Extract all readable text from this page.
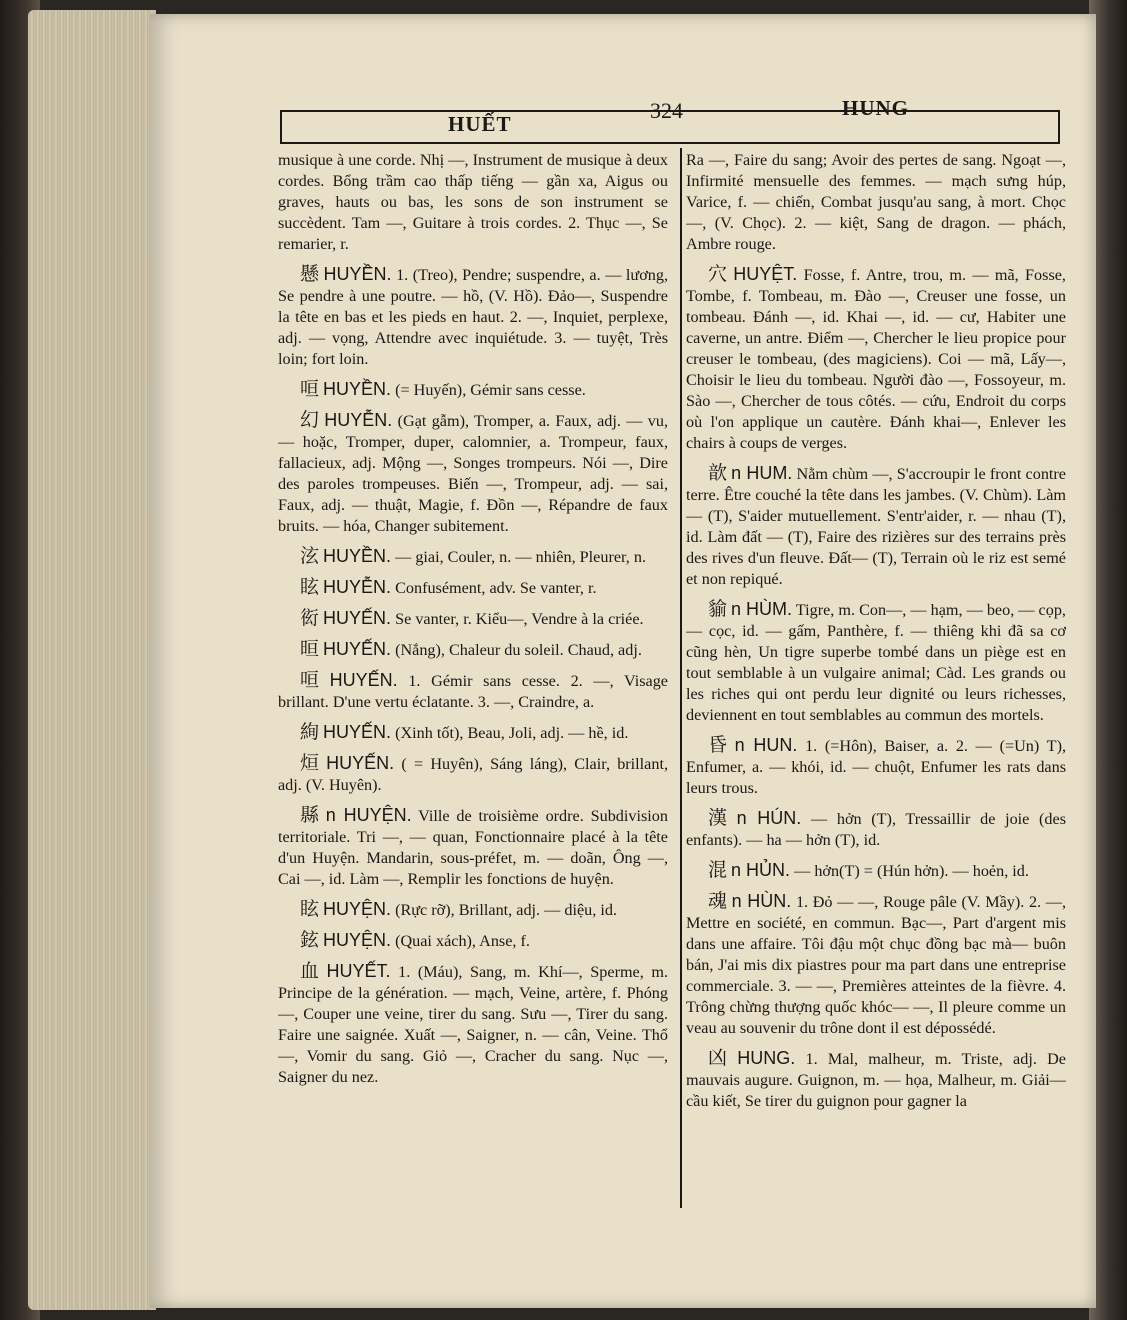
HUẾT
324	HUNG

musique à une corde. Nhị —, Instrument de musique à deux cordes. Bổng trầm cao thấp tiếng — gần xa, Aigus ou graves, hauts ou bas, les sons de son instrument se succèdent. Tam —, Guitare à trois cordes. 2. Thục —, Se remarier, r.

懸 HUYỀN. 1. (Treo), Pendre; suspendre, a. — lương, Se pendre à une poutre. — hồ, (V. Hồ). Đảo—, Suspendre la tête en bas et les pieds en haut. 2. —, Inquiet, perplexe, adj. — vọng, Attendre avec inquiétude. 3. — tuyệt, Très loin; fort loin.

咺 HUYỀN. (= Huyến), Gémir sans cesse.

幻 HUYỄN. (Gạt gẫm), Tromper, a. Faux, adj. — vu, — hoặc, Tromper, duper, calomnier, a. Trompeur, faux, fallacieux, adj. Mộng —, Songes trompeurs. Nói —, Dire des paroles trompeuses. Biến —, Trompeur, adj. — sai, Faux, adj. — thuật, Magie, f. Đồn —, Répandre de faux bruits. — hóa, Changer subitement.

泫 HUYỀN. — giai, Couler, n. — nhiên, Pleurer, n.

眩 HUYỄN. Confusément, adv. Se vanter, r.

衒 HUYẾN. Se vanter, r. Kiểu—, Vendre à la criée.

晅 HUYẾN. (Nắng), Chaleur du soleil. Chaud, adj.

咺 HUYẾN. 1. Gémir sans cesse. 2. —, Visage brillant. D'une vertu éclatante. 3. —, Craindre, a.

絢 HUYẾN. (Xinh tốt), Beau, Joli, adj. — hề, id.

烜 HUYẾN. ( = Huyên), Sáng láng), Clair, brillant, adj. (V. Huyên).

縣 n HUYỆN. Ville de troisième ordre. Subdivision territoriale. Tri —, — quan, Fonctionnaire placé à la tête d'un Huyện. Mandarin, sous-préfet, m. — doãn, Ông —, Cai —, id. Làm —, Remplir les fonctions de huyện.

眩 HUYỆN. (Rực rỡ), Brillant, adj. — diệu, id.

鉉 HUYỆN. (Quai xách), Anse, f.

血 HUYẾT. 1. (Máu), Sang, m. Khí—, Sperme, m. Principe de la génération. — mạch, Veine, artère, f. Phóng —, Couper une veine, tirer du sang. Sưu —, Tirer du sang. Faire une saignée. Xuất —, Saigner, n. — cân, Veine. Thổ—, Vomir du sang. Giỏ —, Cracher du sang. Nục —, Saigner du nez.

Ra —, Faire du sang; Avoir des pertes de sang. Ngoạt —, Infirmité mensuelle des femmes. — mạch sưng húp, Varice, f. — chiến, Combat jusqu'au sang, à mort. Chọc —, (V. Chọc). 2. — kiệt, Sang de dragon. — phách, Ambre rouge.

穴 HUYỆT. Fosse, f. Antre, trou, m. — mã, Fosse, Tombe, f. Tombeau, m. Đào —, Creuser une fosse, un tombeau. Đánh —, id. Khai —, id. — cư, Habiter une caverne, un antre. Điểm —, Chercher le lieu propice pour creuser le tombeau, (des magiciens). Coi — mã, Lấy—, Choisir le lieu du tombeau. Người đào —, Fossoyeur, m. Sào —, Chercher de tous côtés. — cứu, Endroit du corps où l'on applique un cautère. Đánh khai—, Enlever les chairs à coups de verges.

歆 n HUM. Nằm chùm —, S'accroupir le front contre terre. Être couché la tête dans les jambes. (V. Chùm). Làm — (T), S'aider mutuellement. S'entr'aider, r. — nhau (T), id. Làm đất — (T), Faire des rizières sur des terrains près des rives d'un fleuve. Đất— (T), Terrain où le riz est semé et non repiqué.

貐 n HÙM. Tigre, m. Con—, — hạm, — beo, — cọp, — cọc, id. — gấm, Panthère, f. — thiêng khi đã sa cơ cũng hèn, Un tigre superbe tombé dans un piège est en tout semblable à un vulgaire animal; Càd. Les grands ou les riches qui ont perdu leur dignité ou leurs richesses, deviennent en tout semblables au commun des mortels.

昏 n HUN. 1. (=Hôn), Baiser, a. 2. — (=Un) T), Enfumer, a. — khói, id. — chuột, Enfumer les rats dans leurs trous.

漢 n HÚN. — hởn (T), Tressaillir de joie (des enfants). — ha — hởn (T), id.

混 n HỦN. — hởn(T) = (Hún hởn). — hoẻn, id.

魂 n HÙN. 1. Đỏ — —, Rouge pâle (V. Mầy). 2. —, Mettre en société, en commun. Bạc—, Part d'argent mis dans une affaire. Tôi đậu một chục đồng bạc mà— buôn bán, J'ai mis dix piastres pour ma part dans une entreprise commerciale. 3. — —, Premières atteintes de la fièvre. 4. Trông chừng thượng quốc khóc— —, Il pleure comme un veau au souvenir du trône dont il est dépossédé.

凶 HUNG. 1. Mal, malheur, m. Triste, adj. De mauvais augure. Guignon, m. — họa, Malheur, m. Giải— cầu kiết, Se tirer du guignon pour gagner la
